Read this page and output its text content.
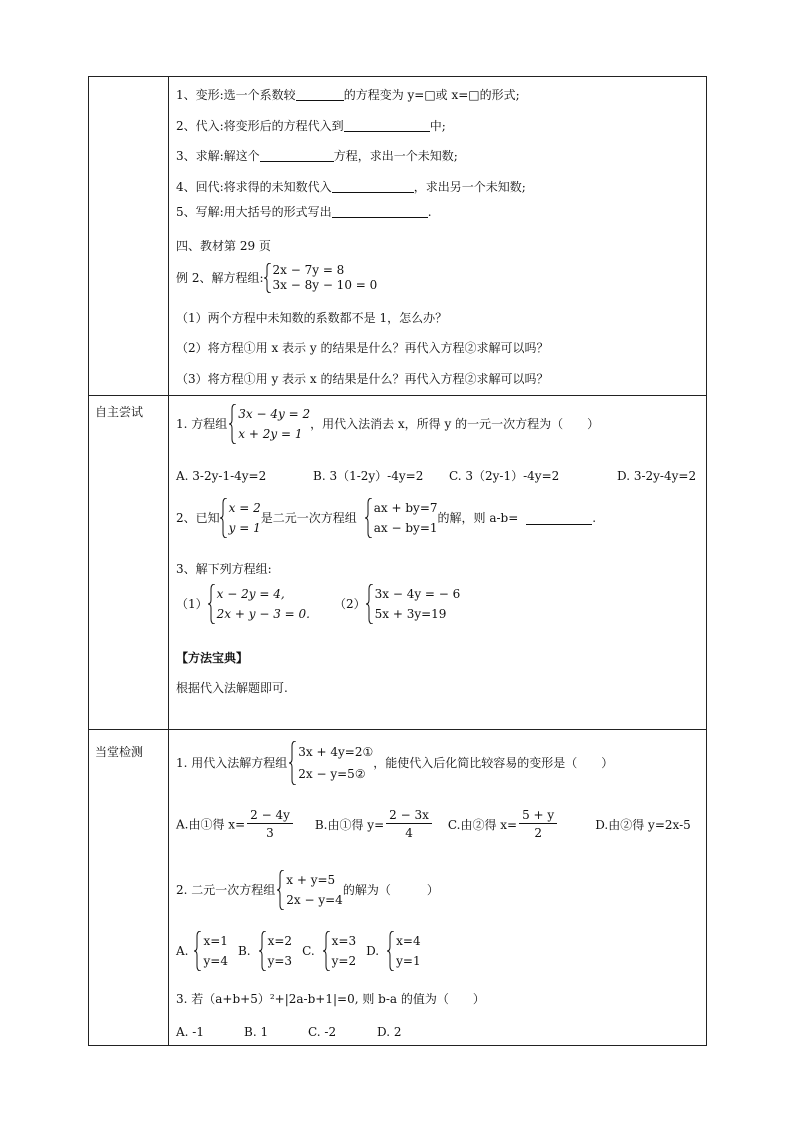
1、变形:选一个系数较	的方程变为 y=□或 x=□的形式;
2、代入:将变形后的方程代入到	中;
3、求解:解这个	方程，求出一个未知数;
4、回代:将求得的未知数代入	，求出另一个未知数;
5、写解:用大括号的形式写出	.
四、教材第 29 页
例 2、解方程组:
2x − 7y = 8
3x − 8y − 10 = 0
（1）两个方程中未知数的系数都不是 1，怎么办？
（2）将方程①用 x 表示 y 的结果是什么？再代入方程②求解可以吗？
（3）将方程①用 y 表示 x 的结果是什么？再代入方程②求解可以吗？
自主尝试
1. 方程组
3x − 4y = 2
x + 2y = 1
，用代入法消去 x，所得 y 的一元一次方程为（　　）
A. 3-2y-1-4y=2	B. 3（1-2y）-4y=2 C. 3（2y-1）-4y=2	D. 3-2y-4y=2
2、已知
x = 2
y = 1
是二元一次方程组
ax + by=7
ax − by=1
的解，则 a-b=	.
3、解下列方程组:
（1）
x − 2y = 4,
2x + y − 3 = 0.
（2）
3x − 4y = − 6
5x + 3y=19
【方法宝典】
根据代入法解题即可.
当堂检测
1. 用代入法解方程组
3x + 4y=2①
2x − y=5②
，能使代入后化简比较容易的变形是（　　）
A.由①得 $x= \frac{2 - 4y}{3} B$.由①得 $y= \frac{2 - 3x}{4} C$.由②得 $x= \frac{5 + y}{2}$	D.由②得 y=2x-5
2. 二元一次方程组
x + y=5
2x − y=4
的解为（　　　）
A.
x=1
y=4
B.
x=2
y=3
C.
x=3
y=2
D.
x=4
y=1
3. 若（a+b+5）²+|2a-b+1|=0, 则 b-a 的值为（　　）
A. -1	B. 1	C. -2	D. 2
